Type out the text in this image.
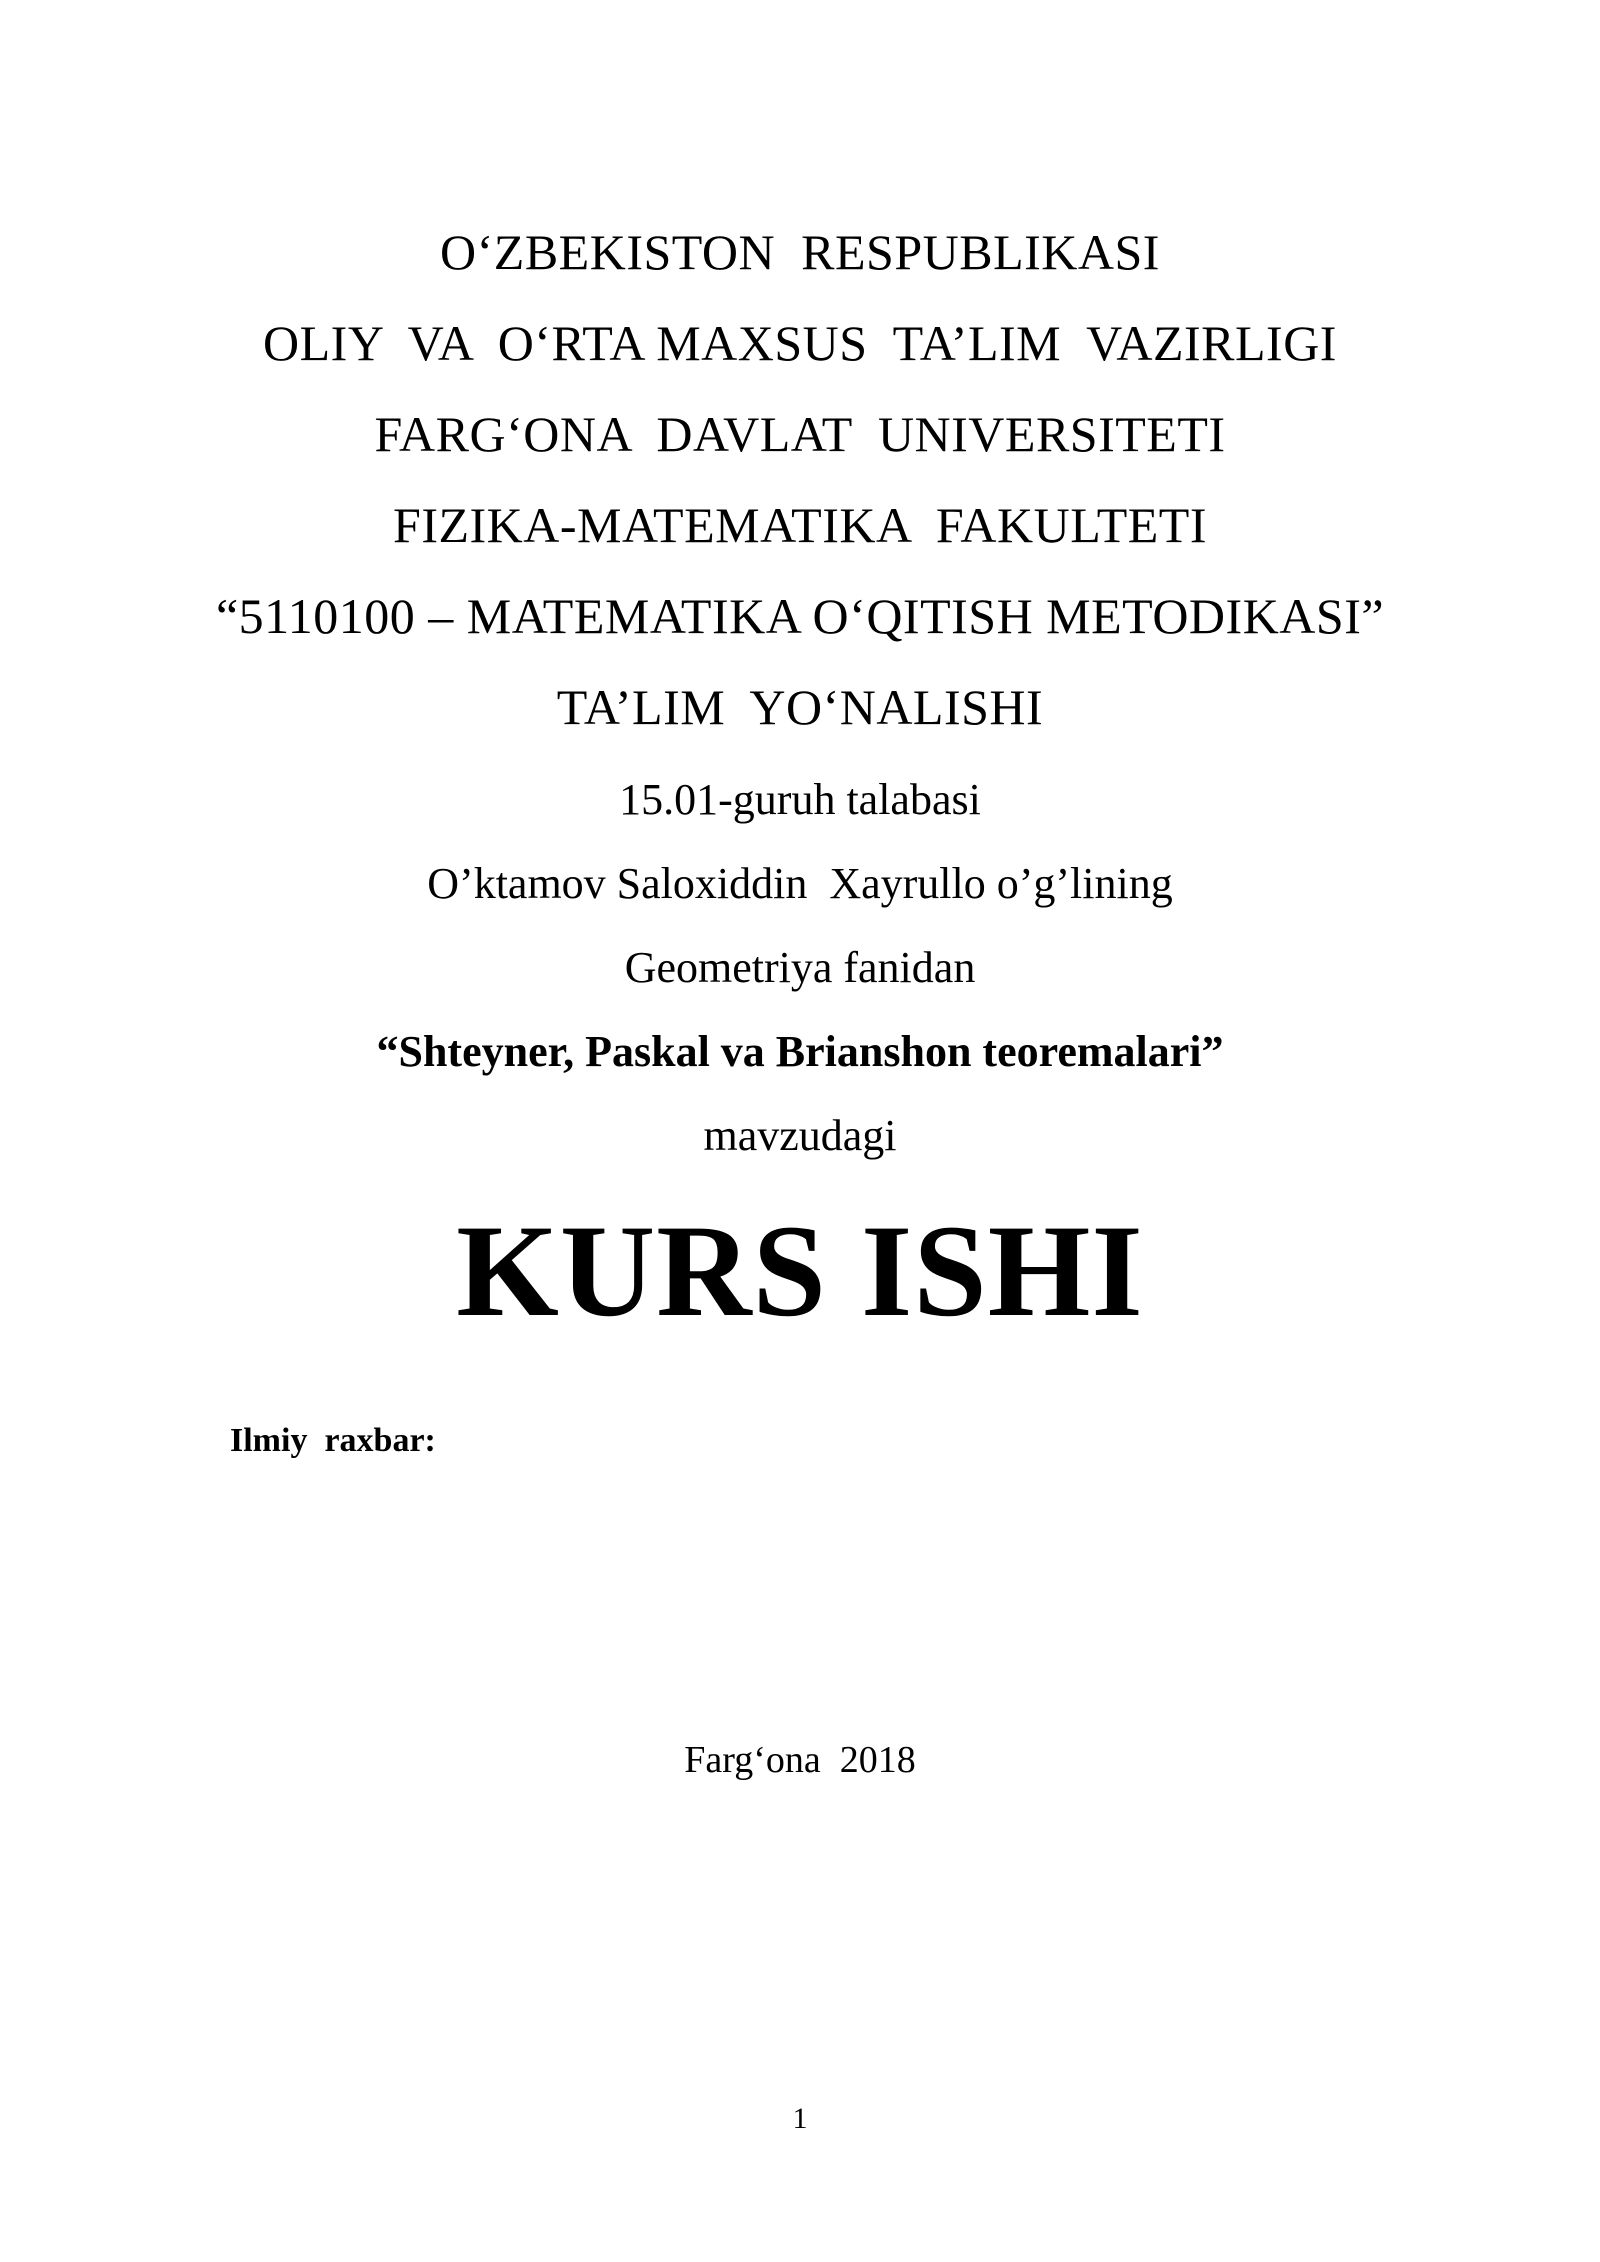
O‘ZBEKISTON  RESPUBLIKASI
OLIY  VA  O‘RTA MAXSUS  TA’LIM  VAZIRLIGI
FARG‘ONA  DAVLAT  UNIVERSITETI
FIZIKA-MATEMATIKA  FAKULTETI
“5110100 – MATEMATIKA O‘QITISH METODIKASI”
TA’LIM  YO‘NALISHI
15.01-guruh talabasi
O’ktamov Saloxiddin  Xayrullo o’g’lining
Geometriya fanidan
“Shteyner, Paskal va Brianshon teoremalari”
mavzudagi
KURS ISHI
Ilmiy  raxbar:
Farg‘ona  2018
1
